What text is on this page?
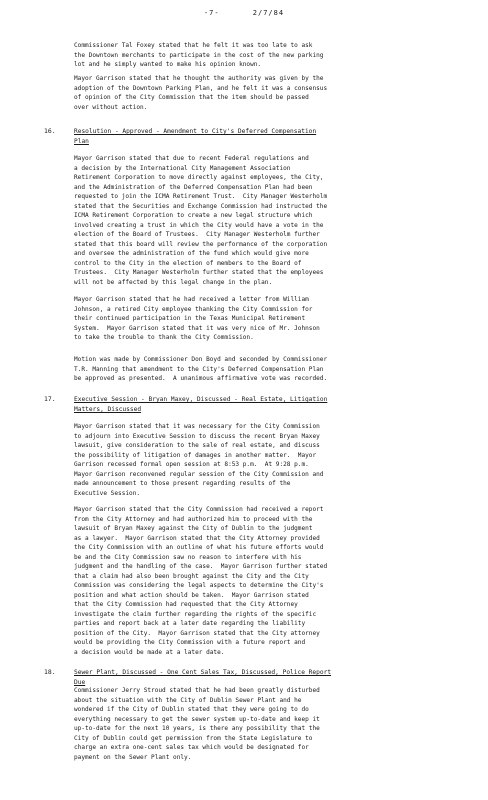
-7-	2/7/84
Commissioner Tal Foxey stated that he felt it was too late to ask
the Downtown merchants to participate in the cost of the new parking
lot and he simply wanted to make his opinion known.
Mayor Garrison stated that he thought the authority was given by the
adoption of the Downtown Parking Plan, and he felt it was a consensus
of opinion of the City Commission that the item should be passed
over without action.
16.	Resolution - Approved - Amendment to City's Deferred Compensation
Plan
Mayor Garrison stated that due to recent Federal regulations and
a decision by the International City Management Association
Retirement Corporation to move directly against employees, the City,
and the Administration of the Deferred Compensation Plan had been
requested to join the ICMA Retirement Trust.  City Manager Westerholm
stated that the Securities and Exchange Commission had instructed the
ICMA Retirement Corporation to create a new legal structure which
involved creating a trust in which the City would have a vote in the
election of the Board of Trustees.  City Manager Westerholm further
stated that this board will review the performance of the corporation
and oversee the administration of the fund which would give more
control to the City in the election of members to the Board of
Trustees.  City Manager Westerholm further stated that the employees
will not be affected by this legal change in the plan.
Mayor Garrison stated that he had received a letter from William
Johnson, a retired City employee thanking the City Commission for
their continued participation in the Texas Municipal Retirement
System.  Mayor Garrison stated that it was very nice of Mr. Johnson
to take the trouble to thank the City Commission.
Motion was made by Commissioner Don Boyd and seconded by Commissioner
T.R. Manning that amendment to the City's Deferred Compensation Plan
be approved as presented.  A unanimous affirmative vote was recorded.
17.	Executive Session - Bryan Maxey, Discussed - Real Estate, Litigation
Matters, Discussed
Mayor Garrison stated that it was necessary for the City Commission
to adjourn into Executive Session to discuss the recent Bryan Maxey
lawsuit, give consideration to the sale of real estate, and discuss
the possibility of litigation of damages in another matter.  Mayor
Garrison recessed formal open session at 8:53 p.m.  At 9:28 p.m.
Mayor Garrison reconvened regular session of the City Commission and
made announcement to those present regarding results of the
Executive Session.
Mayor Garrison stated that the City Commission had received a report
from the City Attorney and had authorized him to proceed with the
lawsuit of Bryan Maxey against the City of Dublin to the judgment
as a lawyer.  Mayor Garrison stated that the City Attorney provided
the City Commission with an outline of what his future efforts would
be and the City Commission saw no reason to interfere with his
judgment and the handling of the case.  Mayor Garrison further stated
that a claim had also been brought against the City and the City
Commission was considering the legal aspects to determine the City's
position and what action should be taken.  Mayor Garrison stated
that the City Commission had requested that the City Attorney
investigate the claim further regarding the rights of the specific
parties and report back at a later date regarding the liability
position of the City.  Mayor Garrison stated that the City attorney
would be providing the City Commission with a future report and
a decision would be made at a later date.
18.	Sewer Plant, Discussed - One Cent Sales Tax, Discussed, Police Report
Due
Commissioner Jerry Stroud stated that he had been greatly disturbed
about the situation with the City of Dublin Sewer Plant and he
wondered if the City of Dublin stated that they were going to do
everything necessary to get the sewer system up-to-date and keep it
up-to-date for the next 10 years, is there any possibility that the
City of Dublin could get permission from the State Legislature to
charge an extra one-cent sales tax which would be designated for
payment on the Sewer Plant only.
